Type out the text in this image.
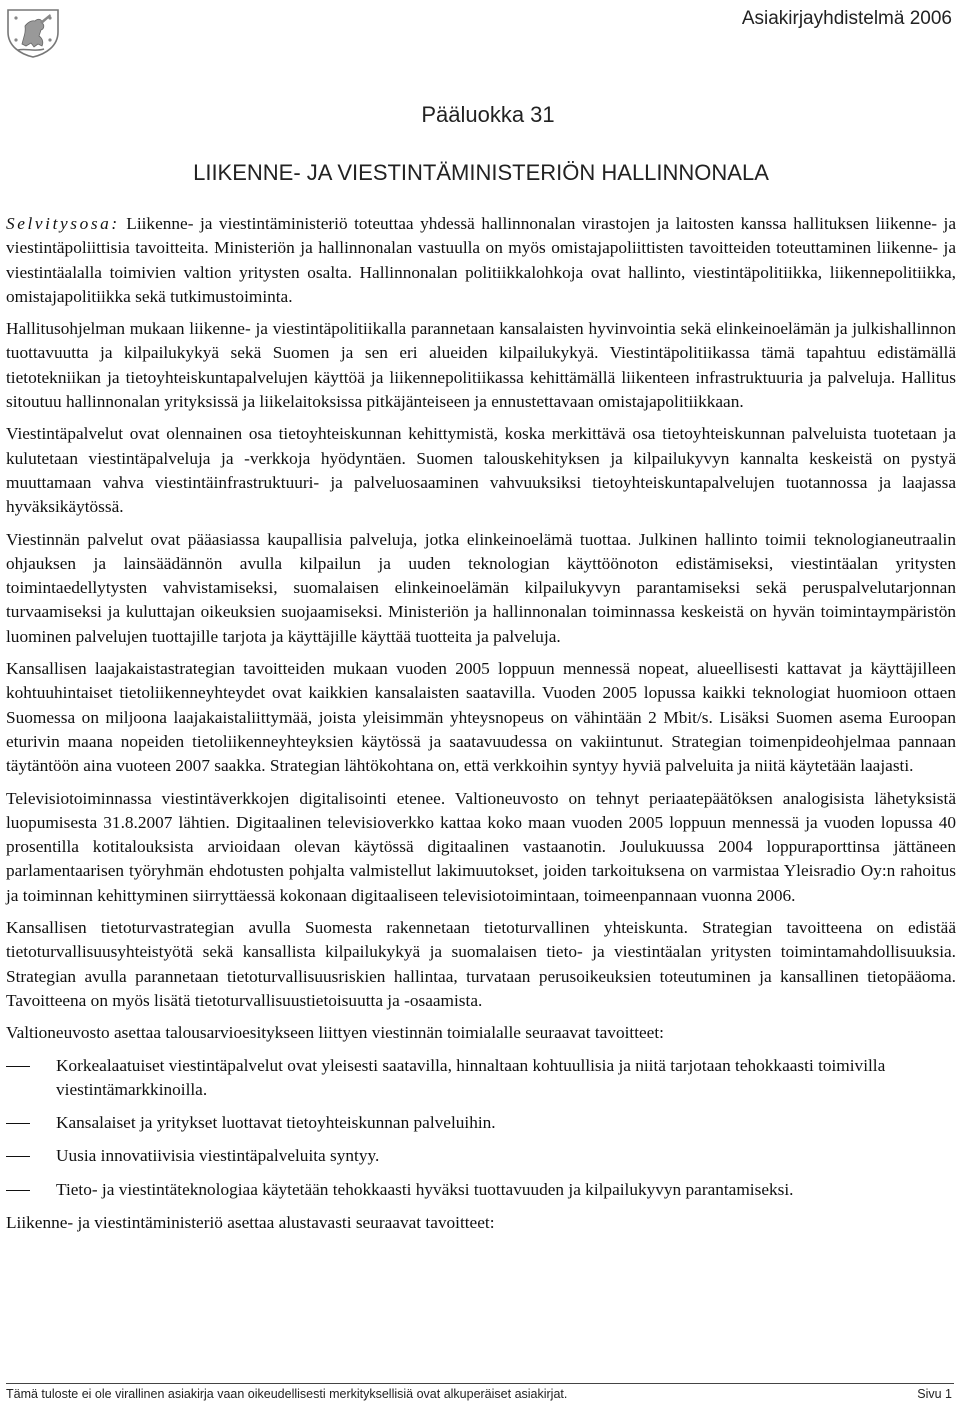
Asiakirjayhdistelmä 2006
Pääluokka 31
LIIKENNE- JA VIESTINTÄMINISTERIÖN HALLINNONALA

Selvitysosa: Liikenne- ja viestintäministeriö toteuttaa yhdessä hallinnonalan virastojen ja laitosten kanssa hallituksen liikenne- ja viestintäpoliittisia tavoitteita. Ministeriön ja hallinnonalan vastuulla on myös omistajapoliittisten tavoitteiden toteuttaminen liikenne- ja viestintäalalla toimivien valtion yritysten osalta. Hallinnonalan politiikkalohkoja ovat hallinto, viestintäpolitiikka, liikennepolitiikka, omistajapolitiikka sekä tutkimustoiminta.

Hallitusohjelman mukaan liikenne- ja viestintäpolitiikalla parannetaan kansalaisten hyvinvointia sekä elinkeinoelämän ja julkishallinnon tuottavuutta ja kilpailukykyä sekä Suomen ja sen eri alueiden kilpailukykyä. Viestintäpolitiikassa tämä tapahtuu edistämällä tietotekniikan ja tietoyhteiskuntapalvelujen käyttöä ja liikennepolitiikassa kehittämällä liikenteen infrastruktuuria ja palveluja. Hallitus sitoutuu hallinnonalan yrityksissä ja liikelaitoksissa pitkäjänteiseen ja ennustettavaan omistajapolitiikkaan.

Viestintäpalvelut ovat olennainen osa tietoyhteiskunnan kehittymistä, koska merkittävä osa tietoyhteiskunnan palveluista tuotetaan ja kulutetaan viestintäpalveluja ja -verkkoja hyödyntäen. Suomen talouskehityksen ja kilpailukyvyn kannalta keskeistä on pystyä muuttamaan vahva viestintäinfrastruktuuri- ja palveluosaaminen vahvuuksiksi tietoyhteiskuntapalvelujen tuotannossa ja laajassa hyväksikäytössä.

Viestinnän palvelut ovat pääasiassa kaupallisia palveluja, jotka elinkeinoelämä tuottaa. Julkinen hallinto toimii teknologianeutraalin ohjauksen ja lainsäädännön avulla kilpailun ja uuden teknologian käyttöönoton edistämiseksi, viestintäalan yritysten toimintaedellytysten vahvistamiseksi, suomalaisen elinkeinoelämän kilpailukyvyn parantamiseksi sekä peruspalvelutarjonnan turvaamiseksi ja kuluttajan oikeuksien suojaamiseksi. Ministeriön ja hallinnonalan toiminnassa keskeistä on hyvän toimintaympäristön luominen palvelujen tuottajille tarjota ja käyttäjille käyttää tuotteita ja palveluja.

Kansallisen laajakaistastrategian tavoitteiden mukaan vuoden 2005 loppuun mennessä nopeat, alueellisesti kattavat ja käyttäjilleen kohtuuhintaiset tietoliikenneyhteydet ovat kaikkien kansalaisten saatavilla. Vuoden 2005 lopussa kaikki teknologiat huomioon ottaen Suomessa on miljoona laajakaistaliittymää, joista yleisimmän yhteysnopeus on vähintään 2 Mbit/s. Lisäksi Suomen asema Euroopan eturivin maana nopeiden tietoliikenneyhteyksien käytössä ja saatavuudessa on vakiintunut. Strategian toimenpideohjelmaa pannaan täytäntöön aina vuoteen 2007 saakka. Strategian lähtökohtana on, että verkkoihin syntyy hyviä palveluita ja niitä käytetään laajasti.

Televisiotoiminnassa viestintäverkkojen digitalisointi etenee. Valtioneuvosto on tehnyt periaatepäätöksen analogisista lähetyksistä luopumisesta 31.8.2007 lähtien. Digitaalinen televisioverkko kattaa koko maan vuoden 2005 loppuun mennessä ja vuoden lopussa 40 prosentilla kotitalouksista arvioidaan olevan käytössä digitaalinen vastaanotin. Joulukuussa 2004 loppuraporttinsa jättäneen parlamentaarisen työryhmän ehdotusten pohjalta valmistellut lakimuutokset, joiden tarkoituksena on varmistaa Yleisradio Oy:n rahoitus ja toiminnan kehittyminen siirryttäessä kokonaan digitaaliseen televisiotoimintaan, toimeenpannaan vuonna 2006.

Kansallisen tietoturvastrategian avulla Suomesta rakennetaan tietoturvallinen yhteiskunta. Strategian tavoitteena on edistää tietoturvallisuusyhteistyötä sekä kansallista kilpailukykyä ja suomalaisen tieto- ja viestintäalan yritysten toimintamahdollisuuksia. Strategian avulla parannetaan tietoturvallisuusriskien hallintaa, turvataan perusoikeuksien toteutuminen ja kansallinen tietopääoma. Tavoitteena on myös lisätä tietoturvallisuustietoisuutta ja -osaamista.

Valtioneuvosto asettaa talousarvioesitykseen liittyen viestinnän toimialalle seuraavat tavoitteet:

Korkealaatuiset viestintäpalvelut ovat yleisesti saatavilla, hinnaltaan kohtuullisia ja niitä tarjotaan tehokkaasti toimivilla viestintämarkkinoilla.
Kansalaiset ja yritykset luottavat tietoyhteiskunnan palveluihin.
Uusia innovatiivisia viestintäpalveluita syntyy.
Tieto- ja viestintäteknologiaa käytetään tehokkaasti hyväksi tuottavuuden ja kilpailukyvyn parantamiseksi.

Liikenne- ja viestintäministeriö asettaa alustavasti seuraavat tavoitteet:

Tämä tuloste ei ole virallinen asiakirja vaan oikeudellisesti merkityksellisiä ovat alkuperäiset asiakirjat.	Sivu 1
